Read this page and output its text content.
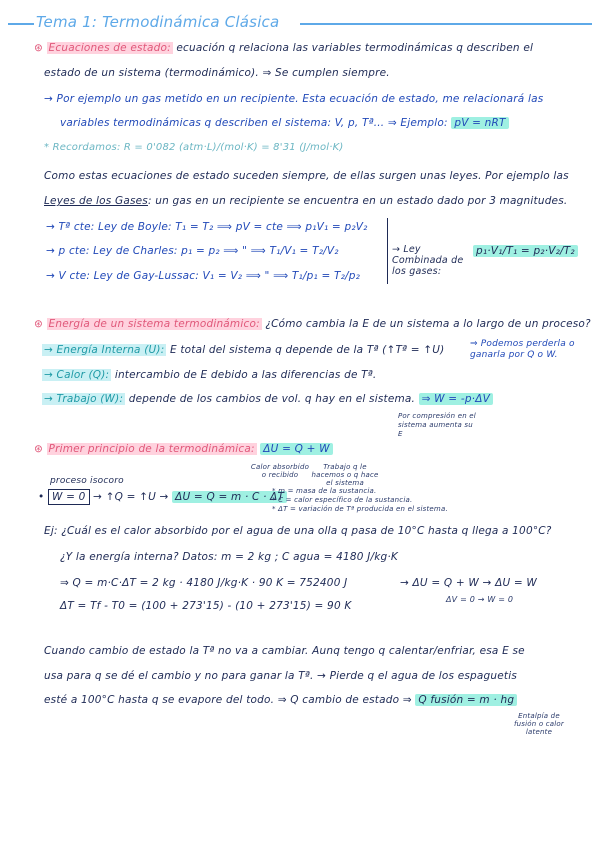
Tema 1: Termodinámica Clásica
⊛ Ecuaciones de estado: ecuación q relaciona las variables termodinámicas q describen el
estado de un sistema (termodinámico). ⇒ Se cumplen siempre.
→ Por ejemplo un gas metido en un recipiente. Esta ecuación de estado, me relacionará las
variables termodinámicas q describen el sistema: V, p, Tª... ⇒ Ejemplo: pV = nRT
* Recordamos: R = 0'082 (atm·L)/(mol·K) = 8'31 (J/mol·K)
Como estas ecuaciones de estado suceden siempre, de ellas surgen unas leyes. Por ejemplo las
Leyes de los Gases: un gas en un recipiente se encuentra en un estado dado por 3 magnitudes.
→ Tª cte: Ley de Boyle: T₁ = T₂ ⟹ pV = cte ⟹ p₁V₁ = p₂V₂
→ p cte: Ley de Charles: p₁ = p₂ ⟹ " ⟹ T₁/V₁ = T₂/V₂
→ V cte: Ley de Gay-Lussac: V₁ = V₂ ⟹ " ⟹ T₁/p₁ = T₂/p₂
→ Ley Combinada de los gases:
p₁·V₁/T₁ = p₂·V₂/T₂
⊛ Energía de un sistema termodinámico: ¿Cómo cambia la E de un sistema a lo largo de un proceso?
→ Energía Interna (U): E total del sistema q depende de la Tª (↑Tª = ↑U)	⇒ Podemos perderla o ganarla por Q o W.
→ Calor (Q): intercambio de E debido a las diferencias de Tª.
→ Trabajo (W): depende de los cambios de vol. q hay en el sistema. ⇒ W = -p·ΔV
Por compresión en el sistema aumenta su E
⊛ Primer principio de la termodinámica: ΔU = Q + W
Calor absorbido o recibido
Trabajo q le hacemos o q hace el sistema
proceso isocoro
• W = 0 → ↑Q = ↑U → ΔU = Q = m · C · ΔT
* m = masa de la sustancia.
* C = calor específico de la sustancia.
* ΔT = variación de Tª producida en el sistema.
Ej: ¿Cuál es el calor absorbido por el agua de una olla q pasa de 10°C hasta q llega a 100°C?
¿Y la energía interna? Datos: m = 2 kg ; C agua = 4180 J/kg·K
⇒ Q = m·C·ΔT = 2 kg · 4180 J/kg·K · 90 K = 752400 J	→ ΔU = Q + W → ΔU = W
ΔV = 0 → W = 0
ΔT = Tf - T0 = (100 + 273'15) - (10 + 273'15) = 90 K
Cuando cambio de estado la Tª no va a cambiar. Aunq tengo q calentar/enfriar, esa E se
usa para q se dé el cambio y no para ganar la Tª. → Pierde q el agua de los espaguetis
esté a 100°C hasta q se evapore del todo. ⇒ Q cambio de estado ⇒ Q fusión = m · hg
Entalpía de fusión o calor latente
